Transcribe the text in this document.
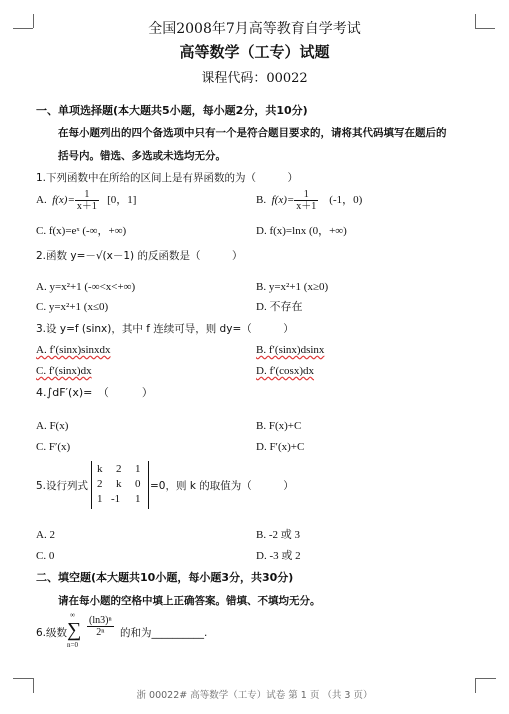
全国2008年7月高等教育自学考试
高等数学（工专）试题
课程代码：00022
一、单项选择题(本大题共5小题，每小题2分，共10分)
在每小题列出的四个备选项中只有一个是符合题目要求的，请将其代码填写在题后的
括号内。错选、多选或未选均无分。
1.下列函数中在所给的区间上是有界函数的为（　　　）
A. $f(x)= \frac{1}{x+1} [0$，1]	B. $f(x)= \frac{1}{x+1} (-1$，0)
C. f(x)=eˣ (-∞，+∞)	D. f(x)=lnx (0，+∞)
2.函数 y=－√(x－1) 的反函数是（　　　）
A. y=x²+1 (-∞<x<+∞)	B. y=x²+1 (x≥0)
C. y=x²+1 (x≤0)	D. 不存在
3.设 y=f (sinx)，其中 f 连续可导，则 dy=（　　　）
A. f′(sinx)sinxdx	B. f′(sinx)dsinx
C. f′(sinx)dx	D. f′(cosx)dx
4.∫dF′(x)=　（　　　）
A. F(x)	B. F(x)+C
C. F′(x)	D. F′(x)+C
5.设行列式
k 2 1
2 k 0
1 -1 1
=0，则 k 的取值为（　　　）
A. 2	B. -2 或 3
C. 0	D. -3 或 2
二、填空题(本大题共10小题，每小题3分，共30分)
请在每小题的空格中填上正确答案。错填、不填均无分。
6.级数
∞
∑
n=0
$\frac{\text{(ln3)ⁿ}}{\text{2ⁿ}}$ 的和为__________.
浙 00022# 高等数学（工专）试卷 第 1 页 （共 3 页）
